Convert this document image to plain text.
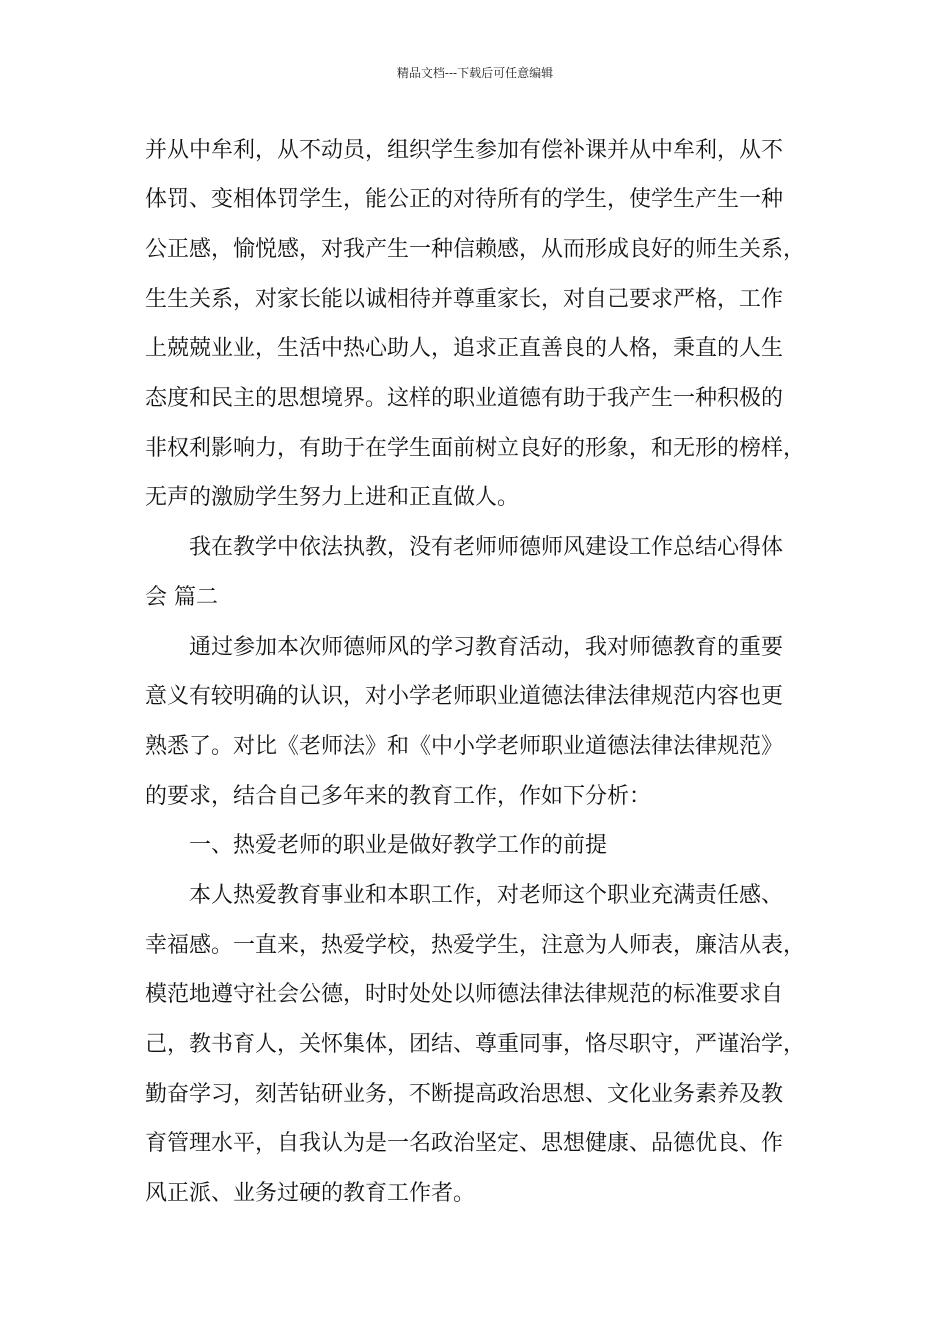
精品文档---下载后可任意编辑
并从中牟利，从不动员，组织学生参加有偿补课并从中牟利，从不
体罚、变相体罚学生，能公正的对待所有的学生，使学生产生一种
公正感，愉悦感，对我产生一种信赖感，从而形成良好的师生关系，
生生关系，对家长能以诚相待并尊重家长，对自己要求严格，工作
上兢兢业业，生活中热心助人，追求正直善良的人格，秉直的人生
态度和民主的思想境界。这样的职业道德有助于我产生一种积极的
非权利影响力，有助于在学生面前树立良好的形象，和无形的榜样，
无声的激励学生努力上进和正直做人。
我在教学中依法执教，没有老师师德师风建设工作总结心得体
会 篇二
通过参加本次师德师风的学习教育活动，我对师德教育的重要
意义有较明确的认识，对小学老师职业道德法律法律规范内容也更
熟悉了。对比《老师法》和《中小学老师职业道德法律法律规范》
的要求，结合自己多年来的教育工作，作如下分析：
一、热爱老师的职业是做好教学工作的前提
本人热爱教育事业和本职工作，对老师这个职业充满责任感、
幸福感。一直来，热爱学校，热爱学生，注意为人师表，廉洁从表，
模范地遵守社会公德，时时处处以师德法律法律规范的标准要求自
己，教书育人，关怀集体，团结、尊重同事，恪尽职守，严谨治学，
勤奋学习，刻苦钻研业务，不断提高政治思想、文化业务素养及教
育管理水平，自我认为是一名政治坚定、思想健康、品德优良、作
风正派、业务过硬的教育工作者。
